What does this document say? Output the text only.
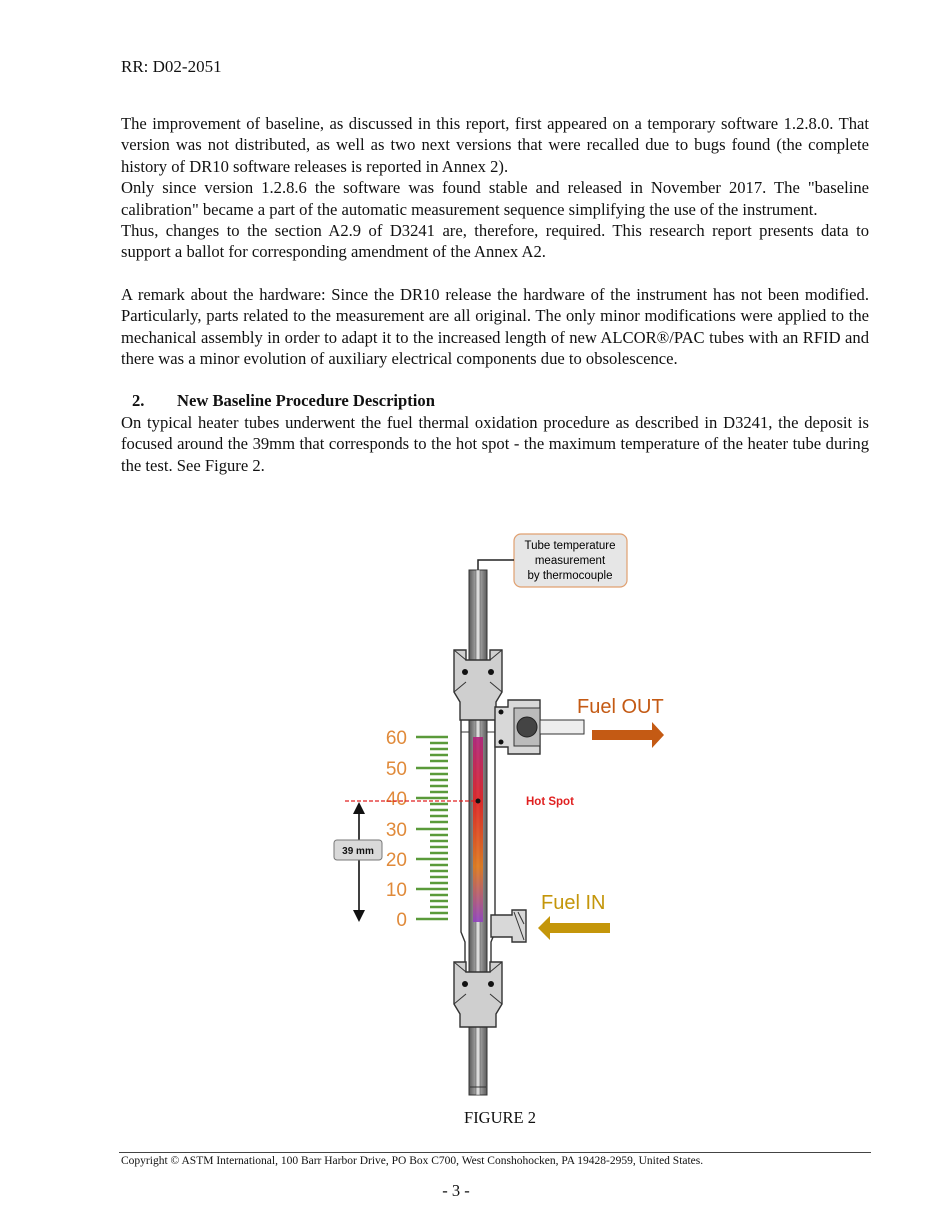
RR: D02-2051

The improvement of baseline, as discussed in this report, first appeared on a temporary software 1.2.8.0. That version was not distributed, as well as two next versions that were recalled due to bugs found (the complete history of DR10 software releases is reported in Annex 2).

Only since version 1.2.8.6 the software was found stable and released in November 2017. The "baseline calibration" became a part of the automatic measurement sequence simplifying the use of the instrument.

Thus, changes to the section A2.9 of D3241 are, therefore, required. This research report presents data to support a ballot for corresponding amendment of the Annex A2.

A remark about the hardware: Since the DR10 release the hardware of the instrument has not been modified. Particularly, parts related to the measurement are all original. The only minor modifications were applied to the mechanical assembly in order to adapt it to the increased length of new ALCOR®/PAC tubes with an RFID and there was a minor evolution of auxiliary electrical components due to obsolescence.

2. New Baseline Procedure Description

On typical heater tubes underwent the fuel thermal oxidation procedure as described in D3241, the deposit is focused around the 39mm that corresponds to the hot spot - the maximum temperature of the heater tube during the test. See Figure 2.

Tube temperature
measurement
by thermocouple
60
50
40
30
20
10
0
Hot Spot
39 mm
Fuel OUT
Fuel IN
FIGURE 2
Copyright © ASTM International, 100 Barr Harbor Drive, PO Box C700, West Conshohocken, PA 19428-2959, United States.
- 3 -
